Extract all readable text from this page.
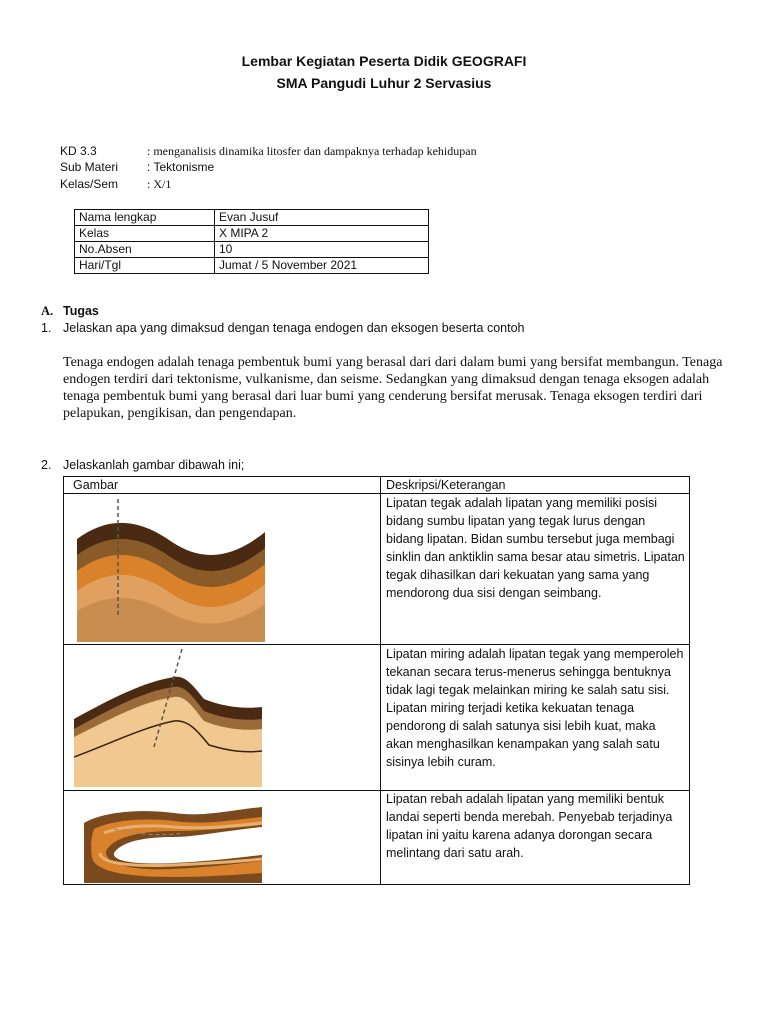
Lembar Kegiatan Peserta Didik GEOGRAFI
SMA Pangudi Luhur 2 Servasius
KD 3.3	: menganalisis dinamika litosfer dan dampaknya terhadap kehidupan
Sub Materi	: Tektonisme
Kelas/Sem	: X/1
Nama lengkap	Evan Jusuf
Kelas	X MIPA 2
No.Absen	10
Hari/Tgl	Jumat / 5 November 2021
A. Tugas
1. Jelaskan apa yang dimaksud dengan tenaga endogen dan eksogen beserta contoh
Tenaga endogen adalah tenaga pembentuk bumi yang berasal dari dari dalam bumi yang bersifat membangun. Tenaga endogen terdiri dari tektonisme, vulkanisme, dan seisme. Sedangkan yang dimaksud dengan tenaga eksogen adalah tenaga pembentuk bumi yang berasal dari luar bumi yang cenderung bersifat merusak. Tenaga eksogen terdiri dari pelapukan, pengikisan, dan pengendapan.
2. Jelaskanlah gambar dibawah ini;
Gambar	Deskripsi/Keterangan
Lipatan tegak adalah lipatan yang memiliki posisi bidang sumbu lipatan yang tegak lurus dengan bidang lipatan. Bidan sumbu tersebut juga membagi sinklin dan anktiklin sama besar atau simetris. Lipatan tegak dihasilkan dari kekuatan yang sama yang mendorong dua sisi dengan seimbang.
Lipatan miring adalah lipatan tegak yang memperoleh tekanan secara terus-menerus sehingga bentuknya tidak lagi tegak melainkan miring ke salah satu sisi. Lipatan miring terjadi ketika kekuatan tenaga pendorong di salah satunya sisi lebih kuat, maka akan menghasilkan kenampakan yang salah satu sisinya lebih curam.
Lipatan rebah adalah lipatan yang memiliki bentuk landai seperti benda merebah. Penyebab terjadinya lipatan ini yaitu karena adanya dorongan secara melintang dari satu arah.
